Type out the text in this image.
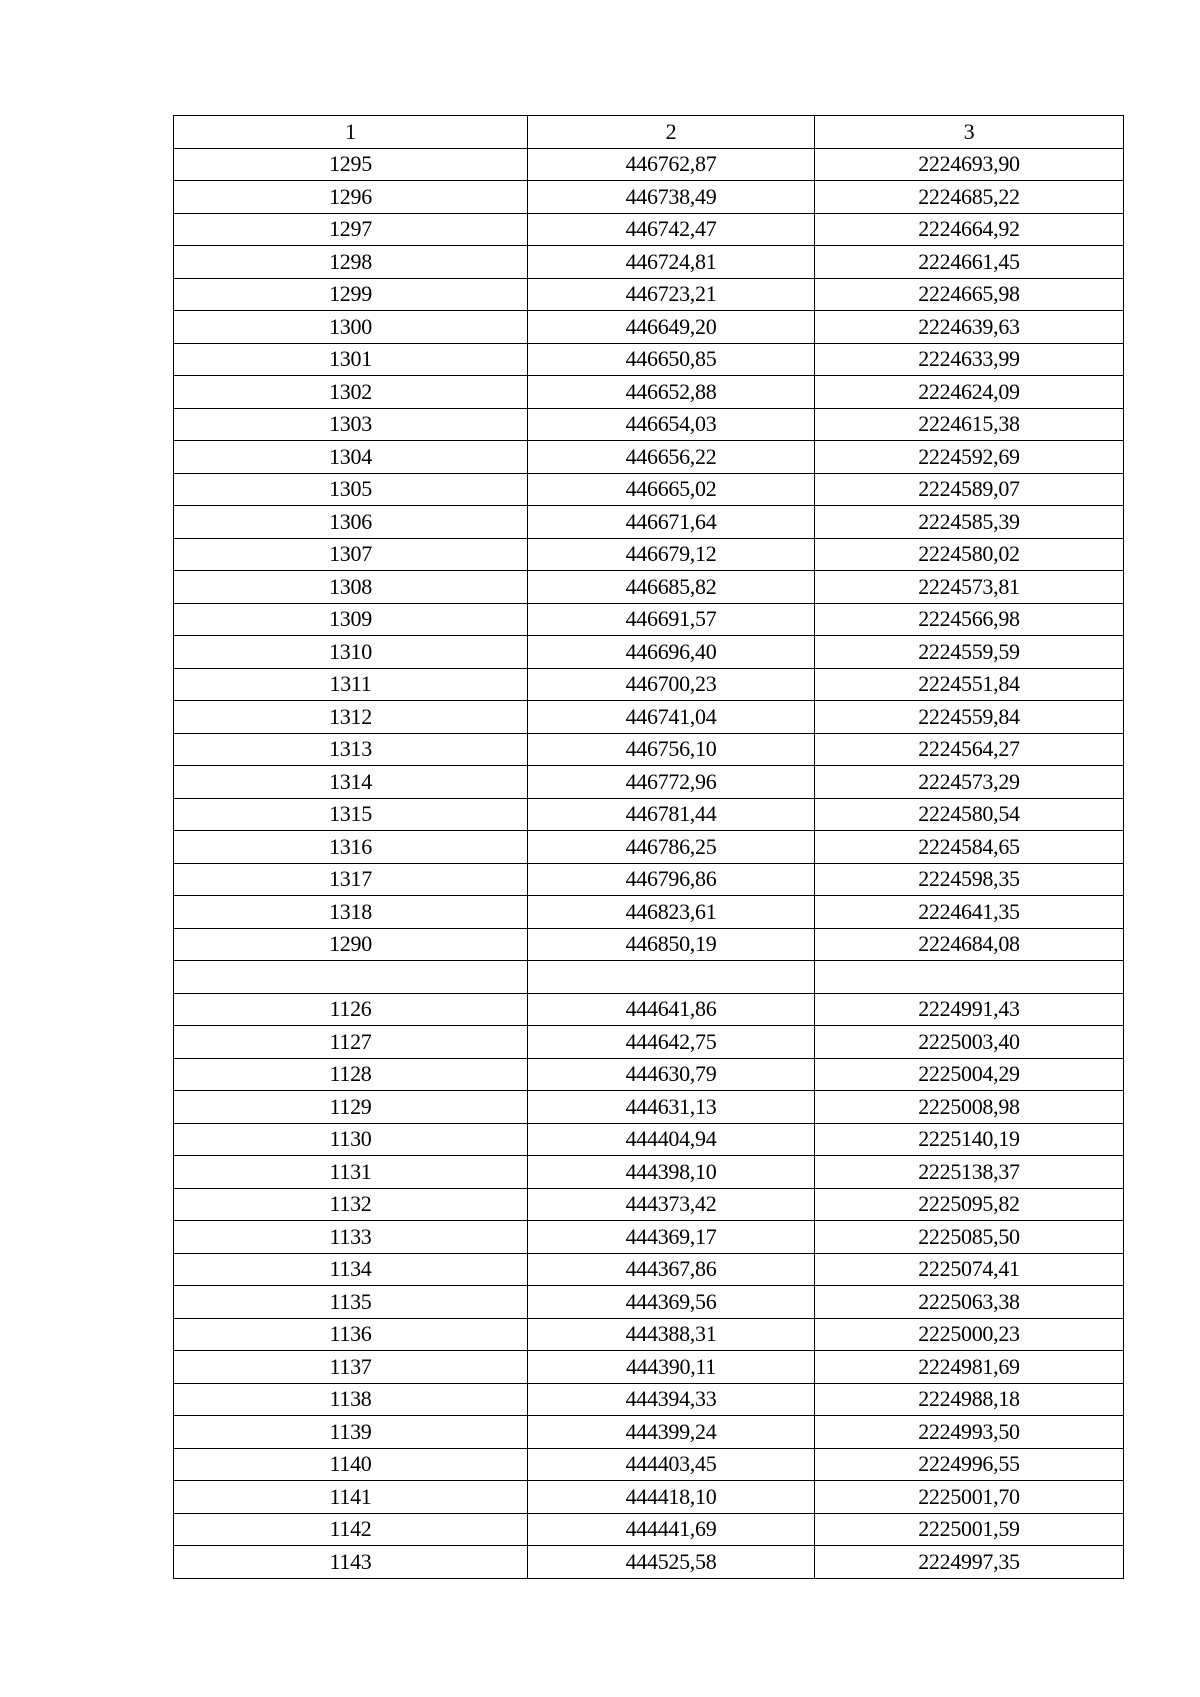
1	2	3
1295	446762,87	2224693,90
1296	446738,49	2224685,22
1297	446742,47	2224664,92
1298	446724,81	2224661,45
1299	446723,21	2224665,98
1300	446649,20	2224639,63
1301	446650,85	2224633,99
1302	446652,88	2224624,09
1303	446654,03	2224615,38
1304	446656,22	2224592,69
1305	446665,02	2224589,07
1306	446671,64	2224585,39
1307	446679,12	2224580,02
1308	446685,82	2224573,81
1309	446691,57	2224566,98
1310	446696,40	2224559,59
1311	446700,23	2224551,84
1312	446741,04	2224559,84
1313	446756,10	2224564,27
1314	446772,96	2224573,29
1315	446781,44	2224580,54
1316	446786,25	2224584,65
1317	446796,86	2224598,35
1318	446823,61	2224641,35
1290	446850,19	2224684,08

1126	444641,86	2224991,43
1127	444642,75	2225003,40
1128	444630,79	2225004,29
1129	444631,13	2225008,98
1130	444404,94	2225140,19
1131	444398,10	2225138,37
1132	444373,42	2225095,82
1133	444369,17	2225085,50
1134	444367,86	2225074,41
1135	444369,56	2225063,38
1136	444388,31	2225000,23
1137	444390,11	2224981,69
1138	444394,33	2224988,18
1139	444399,24	2224993,50
1140	444403,45	2224996,55
1141	444418,10	2225001,70
1142	444441,69	2225001,59
1143	444525,58	2224997,35
